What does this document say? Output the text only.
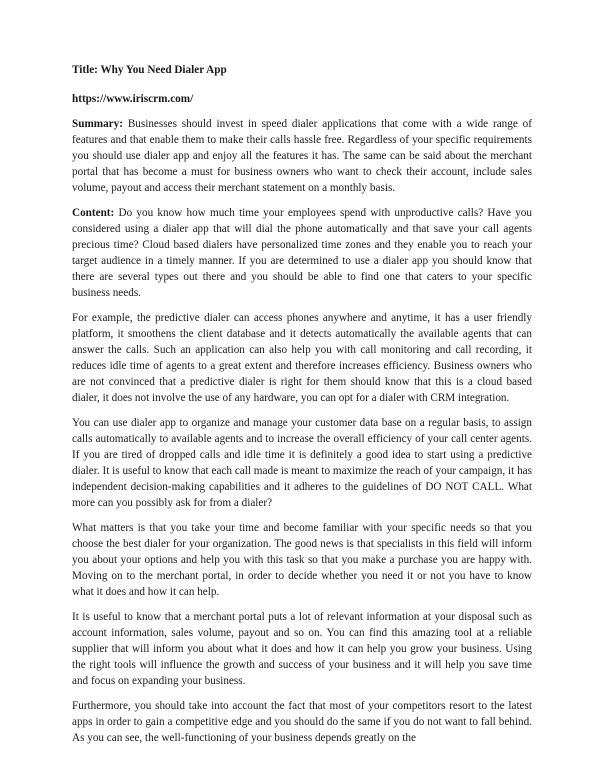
Title: Why You Need Dialer App
https://www.iriscrm.com/

Summary: Businesses should invest in speed dialer applications that come with a wide range of features and that enable them to make their calls hassle free. Regardless of your specific requirements you should use dialer app and enjoy all the features it has. The same can be said about the merchant portal that has become a must for business owners who want to check their account, include sales volume, payout and access their merchant statement on a monthly basis.

Content: Do you know how much time your employees spend with unproductive calls? Have you considered using a dialer app that will dial the phone automatically and that save your call agents precious time? Cloud based dialers have personalized time zones and they enable you to reach your target audience in a timely manner. If you are determined to use a dialer app you should know that there are several types out there and you should be able to find one that caters to your specific business needs.

For example, the predictive dialer can access phones anywhere and anytime, it has a user friendly platform, it smoothens the client database and it detects automatically the available agents that can answer the calls. Such an application can also help you with call monitoring and call recording, it reduces idle time of agents to a great extent and therefore increases efficiency. Business owners who are not convinced that a predictive dialer is right for them should know that this is a cloud based dialer, it does not involve the use of any hardware, you can opt for a dialer with CRM integration.

You can use dialer app to organize and manage your customer data base on a regular basis, to assign calls automatically to available agents and to increase the overall efficiency of your call center agents. If you are tired of dropped calls and idle time it is definitely a good idea to start using a predictive dialer. It is useful to know that each call made is meant to maximize the reach of your campaign, it has independent decision-making capabilities and it adheres to the guidelines of DO NOT CALL. What more can you possibly ask for from a dialer?

What matters is that you take your time and become familiar with your specific needs so that you choose the best dialer for your organization. The good news is that specialists in this field will inform you about your options and help you with this task so that you make a purchase you are happy with. Moving on to the merchant portal, in order to decide whether you need it or not you have to know what it does and how it can help.

It is useful to know that a merchant portal puts a lot of relevant information at your disposal such as account information, sales volume, payout and so on. You can find this amazing tool at a reliable supplier that will inform you about what it does and how it can help you grow your business. Using the right tools will influence the growth and success of your business and it will help you save time and focus on expanding your business.

Furthermore, you should take into account the fact that most of your competitors resort to the latest apps in order to gain a competitive edge and you should do the same if you do not want to fall behind. As you can see, the well-functioning of your business depends greatly on the
